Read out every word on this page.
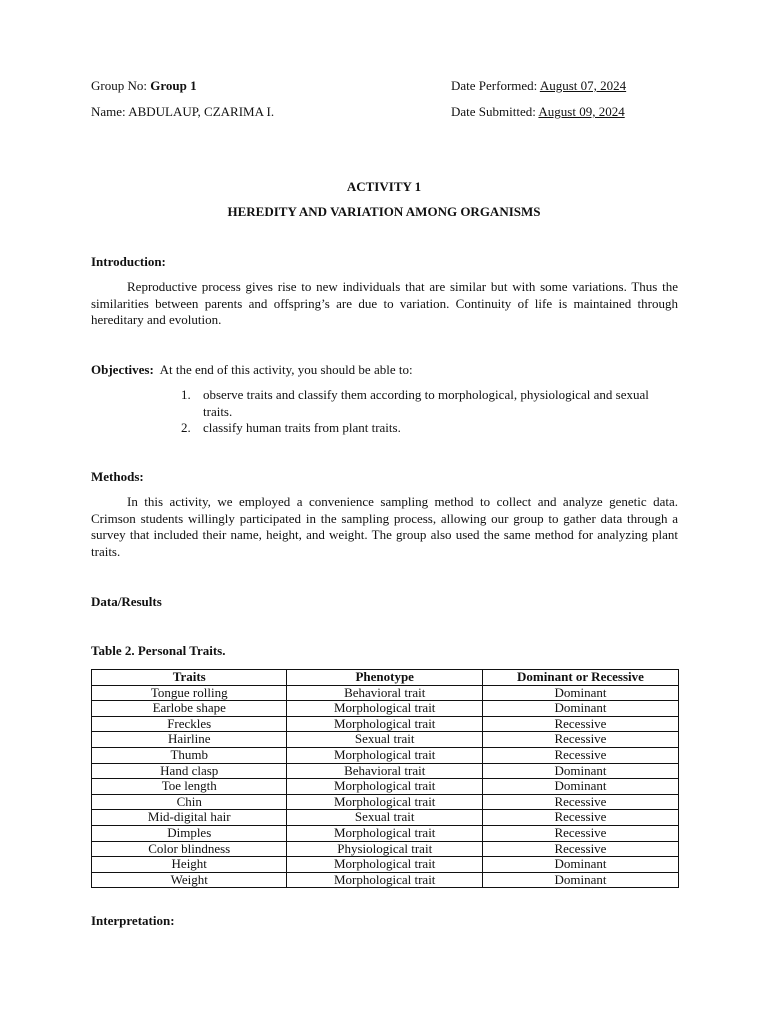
Group No: Group 1	Date Performed: August 07, 2024
Name: ABDULAUP, CZARIMA I.	Date Submitted: August 09, 2024
ACTIVITY 1
HEREDITY AND VARIATION AMONG ORGANISMS
Introduction:
Reproductive process gives rise to new individuals that are similar but with some variations. Thus the similarities between parents and offspring’s are due to variation. Continuity of life is maintained through hereditary and evolution.
Objectives: At the end of this activity, you should be able to:
1. observe traits and classify them according to morphological, physiological and sexual traits.
2. classify human traits from plant traits.
Methods:
In this activity, we employed a convenience sampling method to collect and analyze genetic data. Crimson students willingly participated in the sampling process, allowing our group to gather data through a survey that included their name, height, and weight. The group also used the same method for analyzing plant traits.
Data/Results
Table 2. Personal Traits.
Traits	Phenotype	Dominant or Recessive
Tongue rolling	Behavioral trait	Dominant
Earlobe shape	Morphological trait	Dominant
Freckles	Morphological trait	Recessive
Hairline	Sexual trait	Recessive
Thumb	Morphological trait	Recessive
Hand clasp	Behavioral trait	Dominant
Toe length	Morphological trait	Dominant
Chin	Morphological trait	Recessive
Mid-digital hair	Sexual trait	Recessive
Dimples	Morphological trait	Recessive
Color blindness	Physiological trait	Recessive
Height	Morphological trait	Dominant
Weight	Morphological trait	Dominant
Interpretation:
